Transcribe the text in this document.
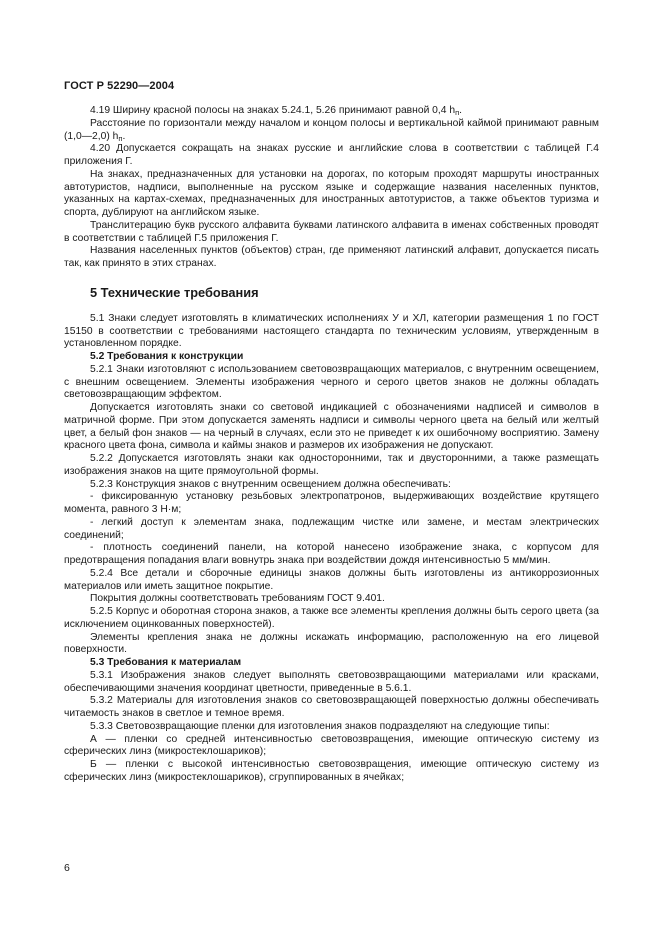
ГОСТ Р 52290—2004

4.19 Ширину красной полосы на знаках 5.24.1, 5.26 принимают равной 0,4 $h_п$.

Расстояние по горизонтали между началом и концом полосы и вертикальной каймой принимают равным (1,0—2,0) $h_п$.

4.20 Допускается сокращать на знаках русские и английские слова в соответствии с таблицей Г.4 приложения Г.

На знаках, предназначенных для установки на дорогах, по которым проходят маршруты иностранных автотуристов, надписи, выполненные на русском языке и содержащие названия населенных пунктов, указанных на картах-схемах, предназначенных для иностранных автотуристов, а также объектов туризма и спорта, дублируют на английском языке.

Транслитерацию букв русского алфавита буквами латинского алфавита в именах собственных проводят в соответствии с таблицей Г.5 приложения Г.

Названия населенных пунктов (объектов) стран, где применяют латинский алфавит, допускается писать так, как принято в этих странах.

5 Технические требования

5.1 Знаки следует изготовлять в климатических исполнениях У и ХЛ, категории размещения 1 по ГОСТ 15150 в соответствии с требованиями настоящего стандарта по техническим условиям, утвержденным в установленном порядке.

5.2 Требования к конструкции

5.2.1 Знаки изготовляют с использованием световозвращающих материалов, с внутренним освещением, с внешним освещением. Элементы изображения черного и серого цветов знаков не должны обладать световозвращающим эффектом.

Допускается изготовлять знаки со световой индикацией с обозначениями надписей и символов в матричной форме. При этом допускается заменять надписи и символы черного цвета на белый или желтый цвет, а белый фон знаков — на черный в случаях, если это не приведет к их ошибочному восприятию. Замену красного цвета фона, символа и каймы знаков и размеров их изображения не допускают.

5.2.2 Допускается изготовлять знаки как односторонними, так и двусторонними, а также размещать изображения знаков на щите прямоугольной формы.

5.2.3 Конструкция знаков с внутренним освещением должна обеспечивать:

- фиксированную установку резьбовых электропатронов, выдерживающих воздействие крутящего момента, равного 3 Н·м;

- легкий доступ к элементам знака, подлежащим чистке или замене, и местам электрических соединений;

- плотность соединений панели, на которой нанесено изображение знака, с корпусом для предотвращения попадания влаги вовнутрь знака при воздействии дождя интенсивностью 5 мм/мин.

5.2.4 Все детали и сборочные единицы знаков должны быть изготовлены из антикоррозионных материалов или иметь защитное покрытие.

Покрытия должны соответствовать требованиям ГОСТ 9.401.

5.2.5 Корпус и оборотная сторона знаков, а также все элементы крепления должны быть серого цвета (за исключением оцинкованных поверхностей).

Элементы крепления знака не должны искажать информацию, расположенную на его лицевой поверхности.

5.3 Требования к материалам

5.3.1 Изображения знаков следует выполнять световозвращающими материалами или красками, обеспечивающими значения координат цветности, приведенные в 5.6.1.

5.3.2 Материалы для изготовления знаков со световозвращающей поверхностью должны обеспечивать читаемость знаков в светлое и темное время.

5.3.3 Световозвращающие пленки для изготовления знаков подразделяют на следующие типы:

А — пленки со средней интенсивностью световозвращения, имеющие оптическую систему из сферических линз (микростеклошариков);

Б — пленки с высокой интенсивностью световозвращения, имеющие оптическую систему из сферических линз (микростеклошариков), сгруппированных в ячейках;

6
